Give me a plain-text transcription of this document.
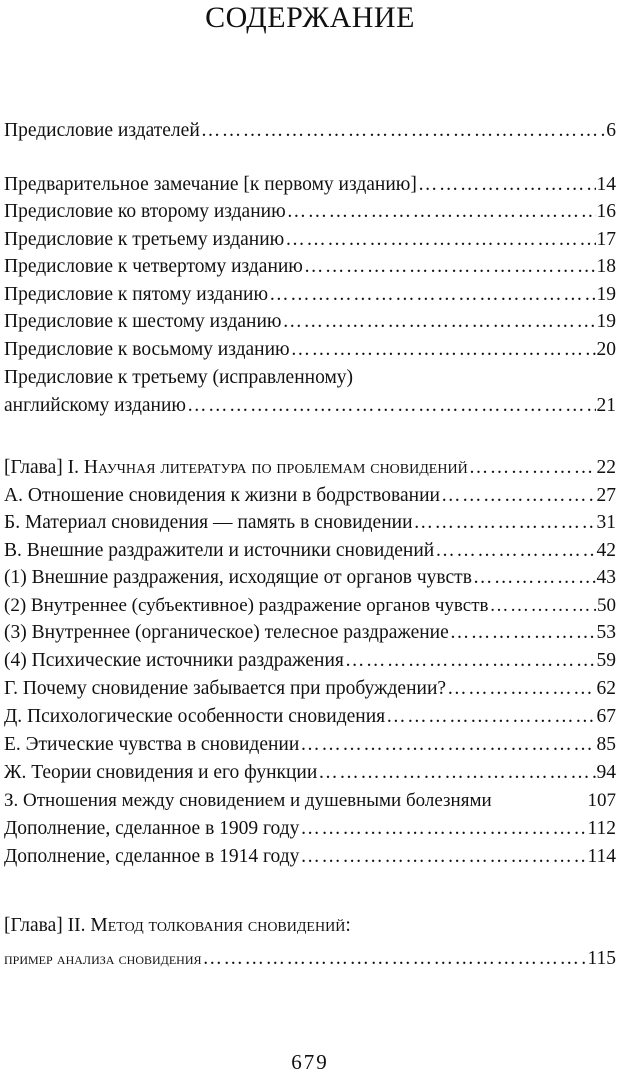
СОДЕРЖАНИЕ
Предисловие издателей ……………………………………………………………………………………………………………………………………	6
Предварительное замечание [к первому изданию] ……………………………………………………………………………………………………………………………………	14
Предисловие ко второму изданию ……………………………………………………………………………………………………………………………………	16
Предисловие к третьему изданию ……………………………………………………………………………………………………………………………………	17
Предисловие к четвертому изданию ……………………………………………………………………………………………………………………………………	18
Предисловие к пятому изданию ……………………………………………………………………………………………………………………………………	19
Предисловие к шестому изданию ……………………………………………………………………………………………………………………………………	19
Предисловие к восьмому изданию ……………………………………………………………………………………………………………………………………	20
Предисловие к третьему (исправленному)
английскому изданию ……………………………………………………………………………………………………………………………………	21
[Глава] I. Научная литература по проблемам сновидений ……………………………………………………………………………………………………………………………………	22
А. Отношение сновидения к жизни в бодрствовании ……………………………………………………………………………………………………………………………………	27
Б. Материал сновидения — память в сновидении ……………………………………………………………………………………………………………………………………	31
В. Внешние раздражители и источники сновидений ……………………………………………………………………………………………………………………………………	42
(1) Внешние раздражения, исходящие от органов чувств ……………………………………………………………………………………………………………………………………	43
(2) Внутреннее (субъективное) раздражение органов чувств ……………………………………………………………………………………………………………………………………	50
(3) Внутреннее (органическое) телесное раздражение ……………………………………………………………………………………………………………………………………	53
(4) Психические источники раздражения ……………………………………………………………………………………………………………………………………	59
Г. Почему сновидение забывается при пробуждении? ……………………………………………………………………………………………………………………………………	62
Д. Психологические особенности сновидения ……………………………………………………………………………………………………………………………………	67
Е. Этические чувства в сновидении ……………………………………………………………………………………………………………………………………	85
Ж. Теории сновидения и его функции ……………………………………………………………………………………………………………………………………	94
З. Отношения между сновидением и душевными болезнями	107
Дополнение, сделанное в 1909 году ……………………………………………………………………………………………………………………………………	112
Дополнение, сделанное в 1914 году ……………………………………………………………………………………………………………………………………	114
[Глава] II. Метод толкования сновидений:
пример анализа сновидения ……………………………………………………………………………………………………………………………………	115
679
